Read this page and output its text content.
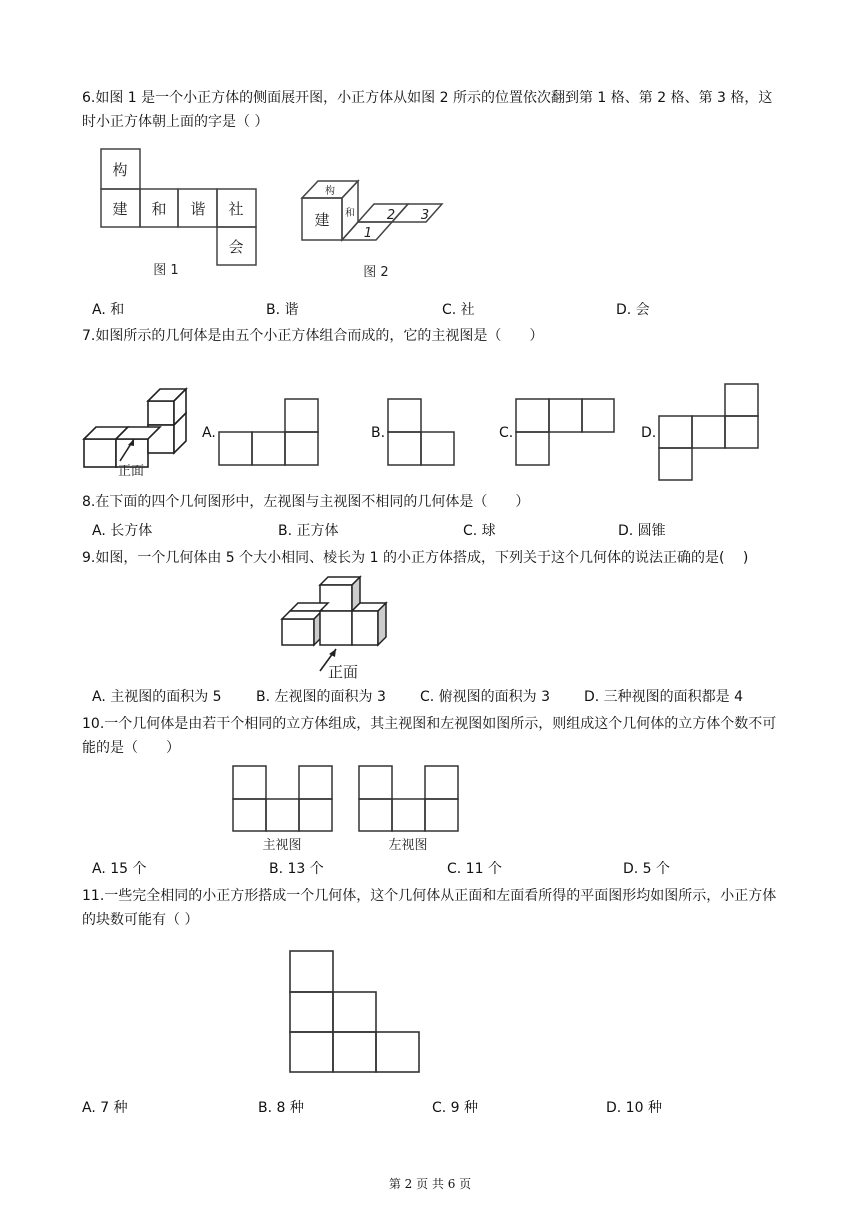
6.如图 1 是一个小正方体的侧面展开图，小正方体从如图 2 所示的位置依次翻到第 1 格、第 2 格、第 3 格，这时小正方体朝上面的字是（ ）
构
建 和 谐 社
会
图 1
构
建 和
1
2 3
图 2
A. 和	B. 谐	C. 社	D. 会
7.如图所示的几何体是由五个小正方体组合而成的，它的主视图是（　　）
正面
A.	B.	C.	D.
8.在下面的四个几何图形中，左视图与主视图不相同的几何体是（　　）
A. 长方体	B. 正方体	C. 球	D. 圆锥
9.如图，一个几何体由 5 个大小相同、棱长为 1 的小正方体搭成，下列关于这个几何体的说法正确的是(　 )
正面
A. 主视图的面积为 5 B. 左视图的面积为 3 C. 俯视图的面积为 3 D. 三种视图的面积都是 4
10.一个几何体是由若干个相同的立方体组成，其主视图和左视图如图所示，则组成这个几何体的立方体个数不可能的是（　　）
主视图	左视图
A. 15 个	B. 13 个	C. 11 个	D. 5 个
11.一些完全相同的小正方形搭成一个几何体，这个几何体从正面和左面看所得的平面图形均如图所示，小正方体的块数可能有（ ）
A. 7 种	B. 8 种	C. 9 种	D. 10 种
第 2 页 共 6 页
